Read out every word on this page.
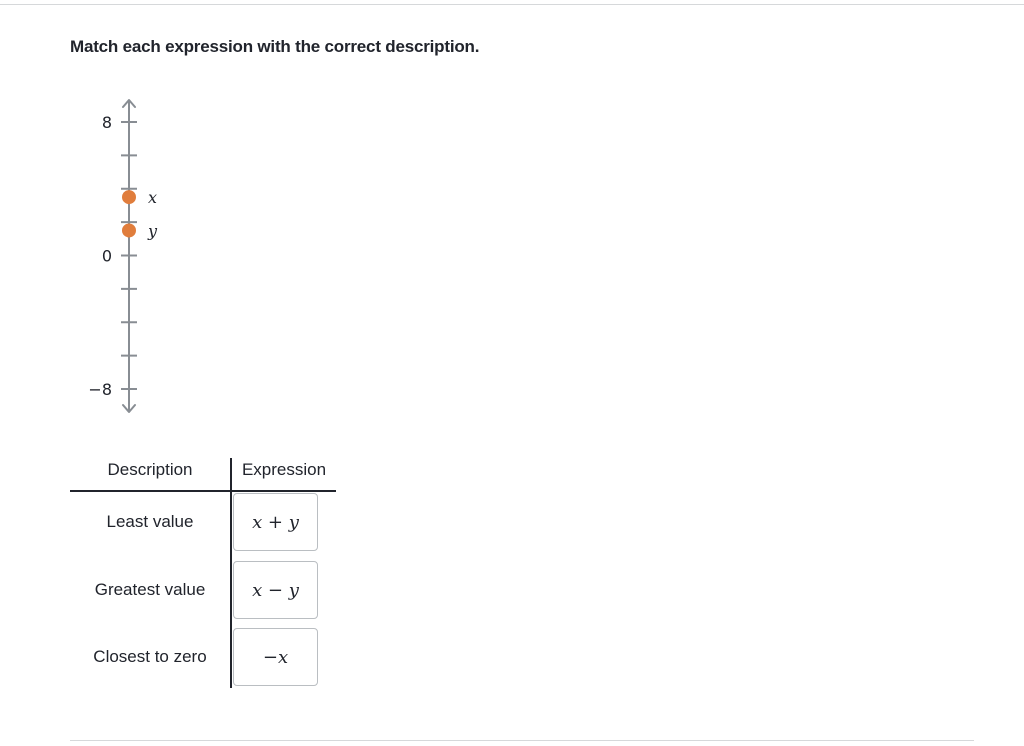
Match each expression with the correct description.
8
0
−8
x
y
Description	Expression
Least value	x + y
Greatest value	x − y
Closest to zero	−x
